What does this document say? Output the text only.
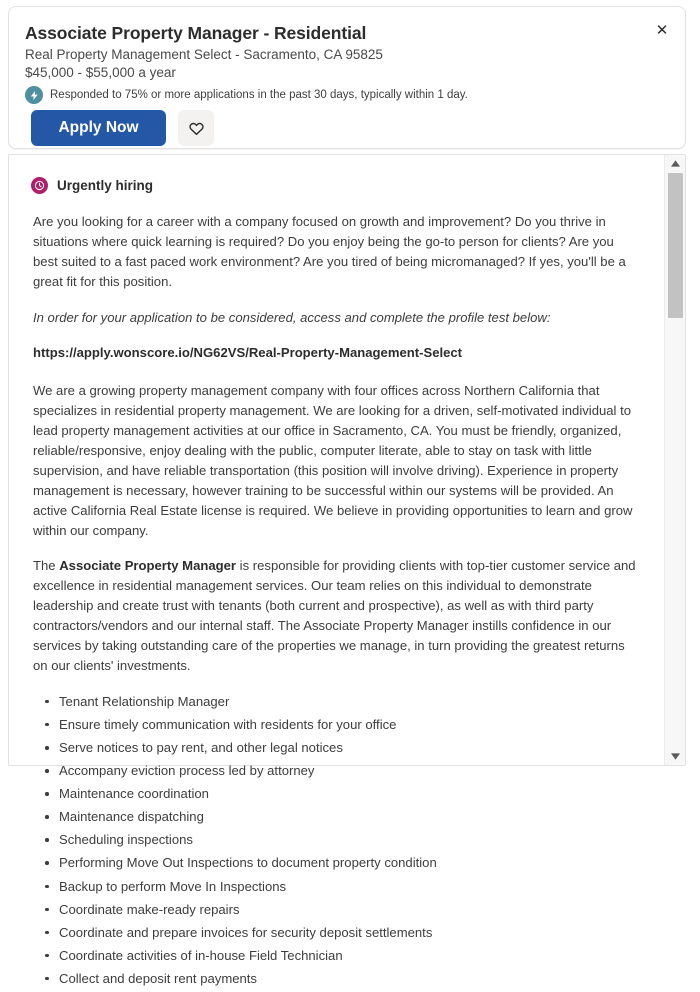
✕
Associate Property Manager - Residential
Real Property Management Select - Sacramento, CA 95825
$45,000 - $55,000 a year
Responded to 75% or more applications in the past 30 days, typically within 1 day.
Apply Now
Urgently hiring

Are you looking for a career with a company focused on growth and improvement? Do you thrive in situations where quick learning is required? Do you enjoy being the go-to person for clients? Are you best suited to a fast paced work environment? Are you tired of being micromanaged? If yes, you'll be a great fit for this position.

In order for your application to be considered, access and complete the profile test below:

https://apply.wonscore.io/NG62VS/Real-Property-Management-Select

We are a growing property management company with four offices across Northern California that specializes in residential property management. We are looking for a driven, self-motivated individual to lead property management activities at our office in Sacramento, CA. You must be friendly, organized, reliable/responsive, enjoy dealing with the public, computer literate, able to stay on task with little supervision, and have reliable transportation (this position will involve driving). Experience in property management is necessary, however training to be successful within our systems will be provided. An active California Real Estate license is required. We believe in providing opportunities to learn and grow within our company.

The Associate Property Manager is responsible for providing clients with top-tier customer service and excellence in residential management services. Our team relies on this individual to demonstrate leadership and create trust with tenants (both current and prospective), as well as with third party contractors/vendors and our internal staff. The Associate Property Manager instills confidence in our services by taking outstanding care of the properties we manage, in turn providing the greatest returns on our clients' investments.

Tenant Relationship Manager
Ensure timely communication with residents for your office
Serve notices to pay rent, and other legal notices
Accompany eviction process led by attorney
Maintenance coordination
Maintenance dispatching
Scheduling inspections
Performing Move Out Inspections to document property condition
Backup to perform Move In Inspections
Coordinate make-ready repairs
Coordinate and prepare invoices for security deposit settlements
Coordinate activities of in-house Field Technician
Collect and deposit rent payments
